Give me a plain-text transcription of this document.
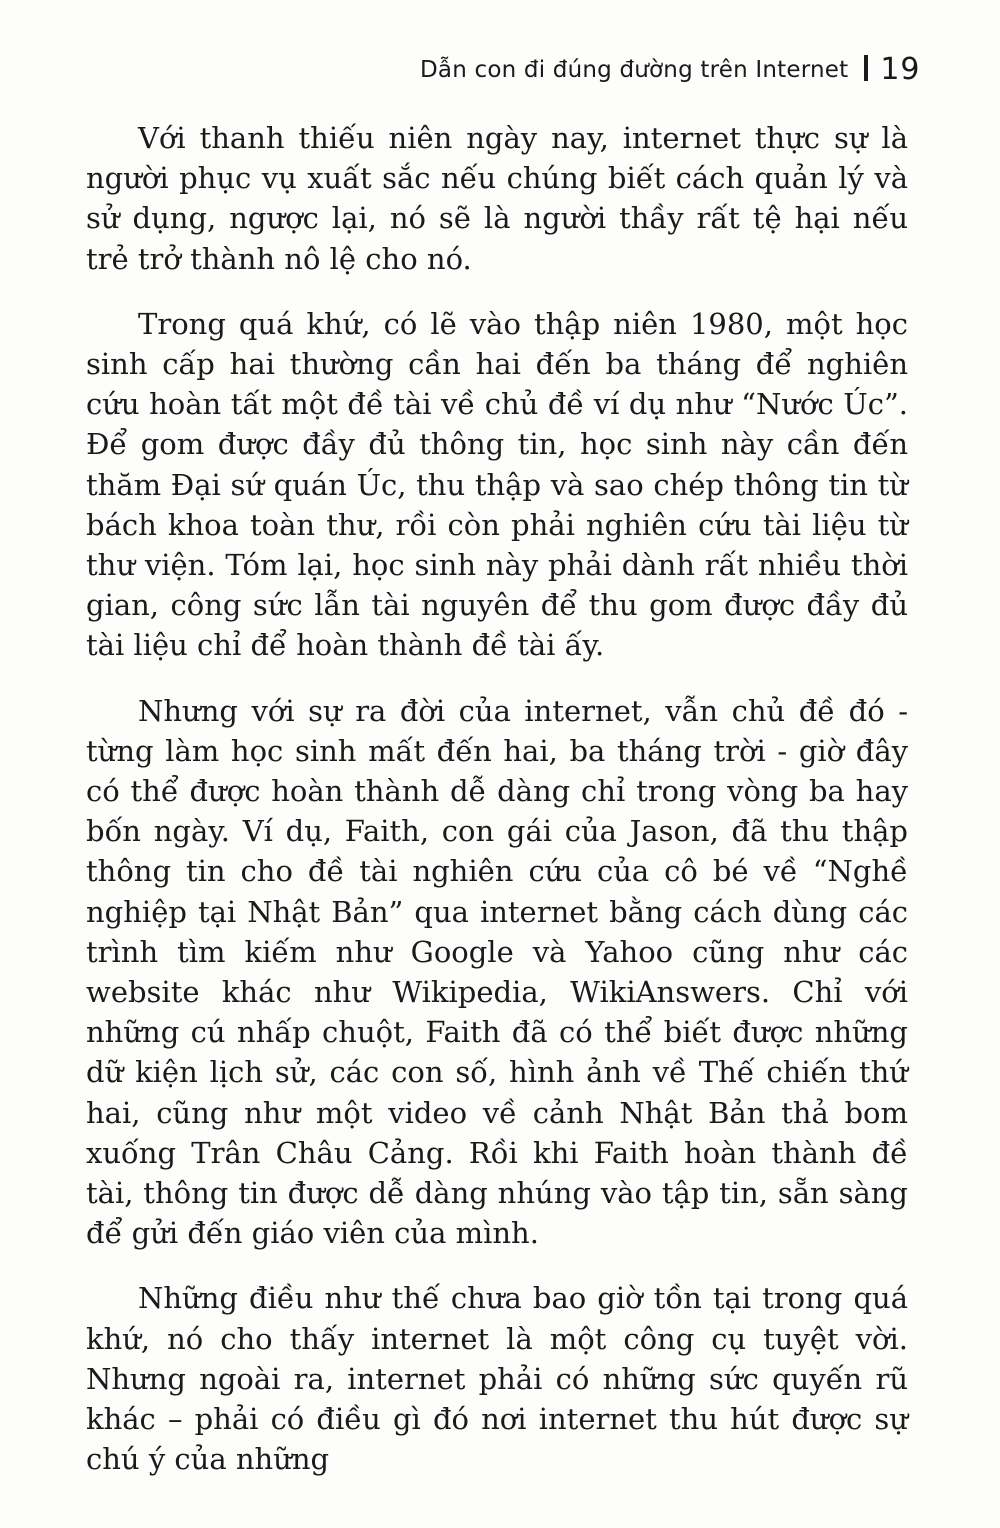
Dẫn con đi đúng đường trên Internet 19

Với thanh thiếu niên ngày nay, internet thực sự là người phục vụ xuất sắc nếu chúng biết cách quản lý và sử dụng, ngược lại, nó sẽ là người thầy rất tệ hại nếu trẻ trở thành nô lệ cho nó.

Trong quá khứ, có lẽ vào thập niên 1980, một học sinh cấp hai thường cần hai đến ba tháng để nghiên cứu hoàn tất một đề tài về chủ đề ví dụ như “Nước Úc”. Để gom được đầy đủ thông tin, học sinh này cần đến thăm Đại sứ quán Úc, thu thập và sao chép thông tin từ bách khoa toàn thư, rồi còn phải nghiên cứu tài liệu từ thư viện. Tóm lại, học sinh này phải dành rất nhiều thời gian, công sức lẫn tài nguyên để thu gom được đầy đủ tài liệu chỉ để hoàn thành đề tài ấy.

Nhưng với sự ra đời của internet, vẫn chủ đề đó - từng làm học sinh mất đến hai, ba tháng trời - giờ đây có thể được hoàn thành dễ dàng chỉ trong vòng ba hay bốn ngày. Ví dụ, Faith, con gái của Jason, đã thu thập thông tin cho đề tài nghiên cứu của cô bé về “Nghề nghiệp tại Nhật Bản” qua internet bằng cách dùng các trình tìm kiếm như Google và Yahoo cũng như các website khác như Wikipedia, WikiAnswers. Chỉ với những cú nhấp chuột, Faith đã có thể biết được những dữ kiện lịch sử, các con số, hình ảnh về Thế chiến thứ hai, cũng như một video về cảnh Nhật Bản thả bom xuống Trân Châu Cảng. Rồi khi Faith hoàn thành đề tài, thông tin được dễ dàng nhúng vào tập tin, sẵn sàng để gửi đến giáo viên của mình.

Những điều như thế chưa bao giờ tồn tại trong quá khứ, nó cho thấy internet là một công cụ tuyệt vời. Nhưng ngoài ra, internet phải có những sức quyến rũ khác – phải có điều gì đó nơi internet thu hút được sự chú ý của những
